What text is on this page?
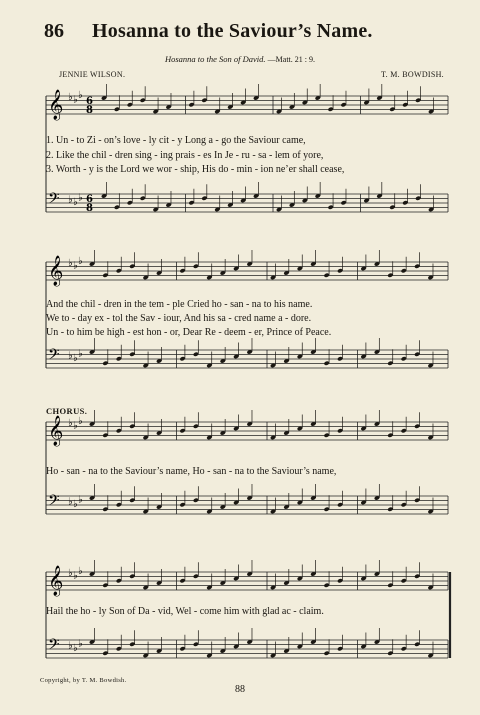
86 Hosanna to the Saviour’s Name.
Hosanna to the Son of David. —Matt. 21 : 9.
JENNIE WILSON.	T. M. BOWDISH.
𝄞 ♭ ♭ ♭
6
8
𝄢 ♭ ♭ ♭ 6
8
1. Un - to Zi - on’s love - ly cit - y Long a - go the Saviour came,
2. Like the chil - dren sing - ing prais - es In Je - ru - sa - lem of yore,
3. Worth - y is the Lord we wor - ship, His do - min - ion ne’er shall cease,
𝄞 ♭ ♭ ♭
𝄢 ♭ ♭ ♭
And the chil - dren in the tem - ple Cried ho - san - na to his name.
We to - day ex - tol the Sav - iour, And his sa - cred name a - dore.
Un - to him be high - est hon - or, Dear Re - deem - er, Prince of Peace.
CHORUS.
𝄞 ♭ ♭ ♭
𝄢 ♭ ♭ ♭
Ho - san - na to the Saviour’s name, Ho - san - na to the Saviour’s name,
𝄞 ♭ ♭ ♭
𝄢 ♭ ♭ ♭
Hail the ho - ly Son of Da - vid, Wel - come him with glad ac - claim.
Copyright, by T. M. Bowdish.
88
